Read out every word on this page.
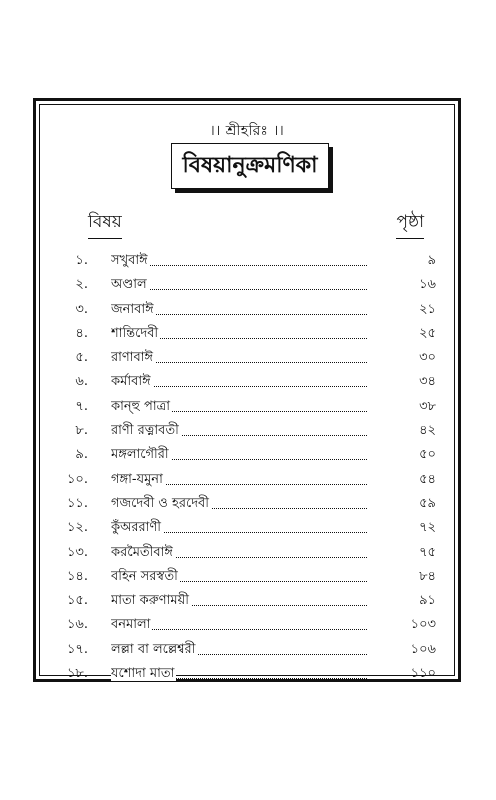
।। শ্রীহরিঃ ।।
বিষয়ানুক্রমণিকা
বিষয়	পৃষ্ঠা
১. সখুবাঈ	৯
২. অণ্ডাল	১৬
৩. জনাবাঈ	২১
৪. শান্তিদেবী	২৫
৫. রাণাবাঈ	৩০
৬. কর্মাবাঈ	৩৪
৭. কান্হু পাত্রা	৩৮
৮. রাণী রত্নাবতী	৪২
৯. মঙ্গলাগৌরী	৫০
১০. গঙ্গা-যমুনা	৫৪
১১. গজদেবী ও হরদেবী	৫৯
১২. কুঁঅররাণী	৭২
১৩. করমৈতীবাঈ	৭৫
১৪. বহিন সরস্বতী	৮৪
১৫. মাতা করুণাময়ী	৯১
১৬. বনমালা	১০৩
১৭. লল্লা বা লল্লেশ্বরী	১০৬
১৮. যশোদা মাতা	১১০
